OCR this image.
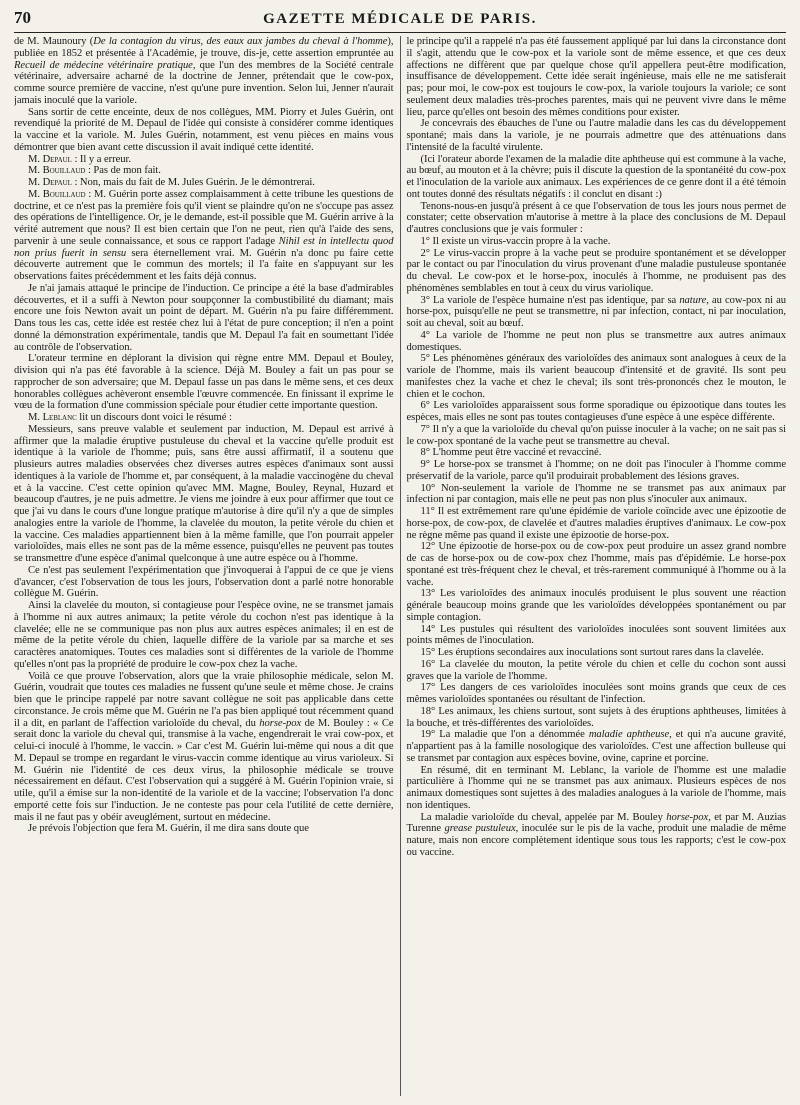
70	GAZETTE MÉDICALE DE PARIS.

de M. Maunoury (De la contagion du virus, des eaux aux jambes du cheval à l'homme), publiée en 1852 et présentée à l'Académie, je trouve, dis-je, cette assertion empruntée au Recueil de médecine vétérinaire pratique, que l'un des membres de la Société centrale vétérinaire, adversaire acharné de la doctrine de Jenner, prétendait que le cow-pox, comme source première de vaccine, n'est qu'une pure invention. Selon lui, Jenner n'aurait jamais inoculé que la variole.

Sans sortir de cette enceinte, deux de nos collègues, MM. Piorry et Jules Guérin, ont revendiqué la priorité de M. Depaul de l'idée qui consiste à considérer comme identiques la vaccine et la variole. M. Jules Guérin, notamment, est venu pièces en mains vous démontrer que bien avant cette discussion il avait indiqué cette identité.

M. Depaul : Il y a erreur.

M. Bouillaud : Pas de mon fait.

M. Depaul : Non, mais du fait de M. Jules Guérin. Je le démontrerai.

M. Bouillaud : M. Guérin porte assez complaisamment à cette tribune les questions de doctrine, et ce n'est pas la première fois qu'il vient se plaindre qu'on ne s'occupe pas assez des opérations de l'intelligence. Or, je le demande, est-il possible que M. Guérin arrive à la vérité autrement que nous? Il est bien certain que l'on ne peut, rien qu'à l'aide des sens, parvenir à une seule connaissance, et sous ce rapport l'adage Nihil est in intellectu quod non prius fuerit in sensu sera éternellement vrai. M. Guérin n'a donc pu faire cette découverte autrement que le commun des mortels; il l'a faite en s'appuyant sur les observations faites précédemment et les faits déjà connus.

Je n'ai jamais attaqué le principe de l'induction. Ce principe a été la base d'admirables découvertes, et il a suffi à Newton pour soupçonner la combustibilité du diamant; mais encore une fois Newton avait un point de départ. M. Guérin n'a pu faire différemment. Dans tous les cas, cette idée est restée chez lui à l'état de pure conception; il n'en a point donné la démonstration expérimentale, tandis que M. Depaul l'a fait en soumettant l'idée au contrôle de l'observation.

L'orateur termine en déplorant la division qui règne entre MM. Depaul et Bouley, division qui n'a pas été favorable à la science. Déjà M. Bouley a fait un pas pour se rapprocher de son adversaire; que M. Depaul fasse un pas dans le même sens, et ces deux honorables collègues achèveront ensemble l'œuvre commencée. En finissant il exprime le vœu de la formation d'une commission spéciale pour étudier cette importante question.

M. Leblanc lit un discours dont voici le résumé :

Messieurs, sans preuve valable et seulement par induction, M. Depaul est arrivé à affirmer que la maladie éruptive pustuleuse du cheval et la vaccine qu'elle produit est identique à la variole de l'homme; puis, sans être aussi affirmatif, il a soutenu que plusieurs autres maladies observées chez diverses autres espèces d'animaux sont aussi identiques à la variole de l'homme et, par conséquent, à la maladie vaccinogène du cheval et à la vaccine. C'est cette opinion qu'avec MM. Magne, Bouley, Reynal, Huzard et beaucoup d'autres, je ne puis admettre. Je viens me joindre à eux pour affirmer que tout ce que j'ai vu dans le cours d'une longue pratique m'autorise à dire qu'il n'y a que de simples analogies entre la variole de l'homme, la clavelée du mouton, la petite vérole du chien et la vaccine. Ces maladies appartiennent bien à la même famille, que l'on pourrait appeler varioloïdes, mais elles ne sont pas de la même essence, puisqu'elles ne peuvent pas toutes se transmettre d'une espèce d'animal quelconque à une autre espèce ou à l'homme.

Ce n'est pas seulement l'expérimentation que j'invoquerai à l'appui de ce que je viens d'avancer, c'est l'observation de tous les jours, l'observation dont a parlé notre honorable collègue M. Guérin.

Ainsi la clavelée du mouton, si contagieuse pour l'espèce ovine, ne se transmet jamais à l'homme ni aux autres animaux; la petite vérole du cochon n'est pas identique à la clavelée; elle ne se communique pas non plus aux autres espèces animales; il en est de même de la petite vérole du chien, laquelle diffère de la variole par sa marche et ses caractères anatomiques. Toutes ces maladies sont si différentes de la variole de l'homme qu'elles n'ont pas la propriété de produire le cow-pox chez la vache.

Voilà ce que prouve l'observation, alors que la vraie philosophie médicale, selon M. Guérin, voudrait que toutes ces maladies ne fussent qu'une seule et même chose. Je crains bien que le principe rappelé par notre savant collègue ne soit pas applicable dans cette circonstance. Je crois même que M. Guérin ne l'a pas bien appliqué tout récemment quand il a dit, en parlant de l'affection varioloïde du cheval, du horse-pox de M. Bouley : « Ce serait donc la variole du cheval qui, transmise à la vache, engendrerait le vrai cow-pox, et celui-ci inoculé à l'homme, le vaccin. » Car c'est M. Guérin lui-même qui nous a dit que M. Depaul se trompe en regardant le virus-vaccin comme identique au virus varioleux. Si M. Guérin nie l'identité de ces deux virus, la philosophie médicale se trouve nécessairement en défaut. C'est l'observation qui a suggéré à M. Guérin l'opinion vraie, si utile, qu'il a émise sur la non-identité de la variole et de la vaccine; l'observation l'a donc emporté cette fois sur l'induction. Je ne conteste pas pour cela l'utilité de cette dernière, mais il ne faut pas y obéir aveuglément, surtout en médecine.

Je prévois l'objection que fera M. Guérin, il me dira sans doute que

le principe qu'il a rappelé n'a pas été faussement appliqué par lui dans la circonstance dont il s'agit, attendu que le cow-pox et la variole sont de même essence, et que ces deux affections ne diffèrent que par quelque chose qu'il appellera peut-être modification, insuffisance de développement. Cette idée serait ingénieuse, mais elle ne me satisferait pas; pour moi, le cow-pox est toujours le cow-pox, la variole toujours la variole; ce sont seulement deux maladies très-proches parentes, mais qui ne peuvent vivre dans le même lieu, parce qu'elles ont besoin des mêmes conditions pour exister.

Je concevrais des ébauches de l'une ou l'autre maladie dans les cas du développement spontané; mais dans la variole, je ne pourrais admettre que des atténuations dans l'intensité de la faculté virulente.

(Ici l'orateur aborde l'examen de la maladie dite aphtheuse qui est commune à la vache, au bœuf, au mouton et à la chèvre; puis il discute la question de la spontanéité du cow-pox et l'inoculation de la variole aux animaux. Les expériences de ce genre dont il a été témoin ont toutes donné des résultats négatifs : il conclut en disant :)

Tenons-nous-en jusqu'à présent à ce que l'observation de tous les jours nous permet de constater; cette observation m'autorise à mettre à la place des conclusions de M. Depaul d'autres conclusions que je vais formuler :

1° Il existe un virus-vaccin propre à la vache.

2° Le virus-vaccin propre à la vache peut se produire spontanément et se développer par le contact ou par l'inoculation du virus provenant d'une maladie pustuleuse spontanée du cheval. Le cow-pox et le horse-pox, inoculés à l'homme, ne produisent pas des phénomènes semblables en tout à ceux du virus variolique.

3° La variole de l'espèce humaine n'est pas identique, par sa nature, au cow-pox ni au horse-pox, puisqu'elle ne peut se transmettre, ni par infection, contact, ni par inoculation, soit au cheval, soit au bœuf.

4° La variole de l'homme ne peut non plus se transmettre aux autres animaux domestiques.

5° Les phénomènes généraux des varioloïdes des animaux sont analogues à ceux de la variole de l'homme, mais ils varient beaucoup d'intensité et de gravité. Ils sont peu manifestes chez la vache et chez le cheval; ils sont très-prononcés chez le mouton, le chien et le cochon.

6° Les varioloïdes apparaissent sous forme sporadique ou épizootique dans toutes les espèces, mais elles ne sont pas toutes contagieuses d'une espèce à une espèce différente.

7° Il n'y a que la varioloïde du cheval qu'on puisse inoculer à la vache; on ne sait pas si le cow-pox spontané de la vache peut se transmettre au cheval.

8° L'homme peut être vacciné et revacciné.

9° Le horse-pox se transmet à l'homme; on ne doit pas l'inoculer à l'homme comme préservatif de la variole, parce qu'il produirait probablement des lésions graves.

10° Non-seulement la variole de l'homme ne se transmet pas aux animaux par infection ni par contagion, mais elle ne peut pas non plus s'inoculer aux animaux.

11° Il est extrêmement rare qu'une épidémie de variole coïncide avec une épizootie de horse-pox, de cow-pox, de clavelée et d'autres maladies éruptives d'animaux. Le cow-pox ne règne même pas quand il existe une épizootie de horse-pox.

12° Une épizootie de horse-pox ou de cow-pox peut produire un assez grand nombre de cas de horse-pox ou de cow-pox chez l'homme, mais pas d'épidémie. Le horse-pox spontané est très-fréquent chez le cheval, et très-rarement communiqué à l'homme ou à la vache.

13° Les varioloïdes des animaux inoculés produisent le plus souvent une réaction générale beaucoup moins grande que les varioloïdes développées spontanément ou par simple contagion.

14° Les pustules qui résultent des varioloïdes inoculées sont souvent limitées aux points mêmes de l'inoculation.

15° Les éruptions secondaires aux inoculations sont surtout rares dans la clavelée.

16° La clavelée du mouton, la petite vérole du chien et celle du cochon sont aussi graves que la variole de l'homme.

17° Les dangers de ces varioloïdes inoculées sont moins grands que ceux de ces mêmes varioloïdes spontanées ou résultant de l'infection.

18° Les animaux, les chiens surtout, sont sujets à des éruptions aphtheuses, limitées à la bouche, et très-différentes des varioloïdes.

19° La maladie que l'on a dénommée maladie aphtheuse, et qui n'a aucune gravité, n'appartient pas à la famille nosologique des varioloïdes. C'est une affection bulleuse qui se transmet par contagion aux espèces bovine, ovine, caprine et porcine.

En résumé, dit en terminant M. Leblanc, la variole de l'homme est une maladie particulière à l'homme qui ne se transmet pas aux animaux. Plusieurs espèces de nos animaux domestiques sont sujettes à des maladies analogues à la variole de l'homme, mais non identiques.

La maladie varioloïde du cheval, appelée par M. Bouley horse-pox, et par M. Auzias Turenne grease pustuleux, inoculée sur le pis de la vache, produit une maladie de même nature, mais non encore complètement identique sous tous les rapports; c'est le cow-pox ou vaccine.
